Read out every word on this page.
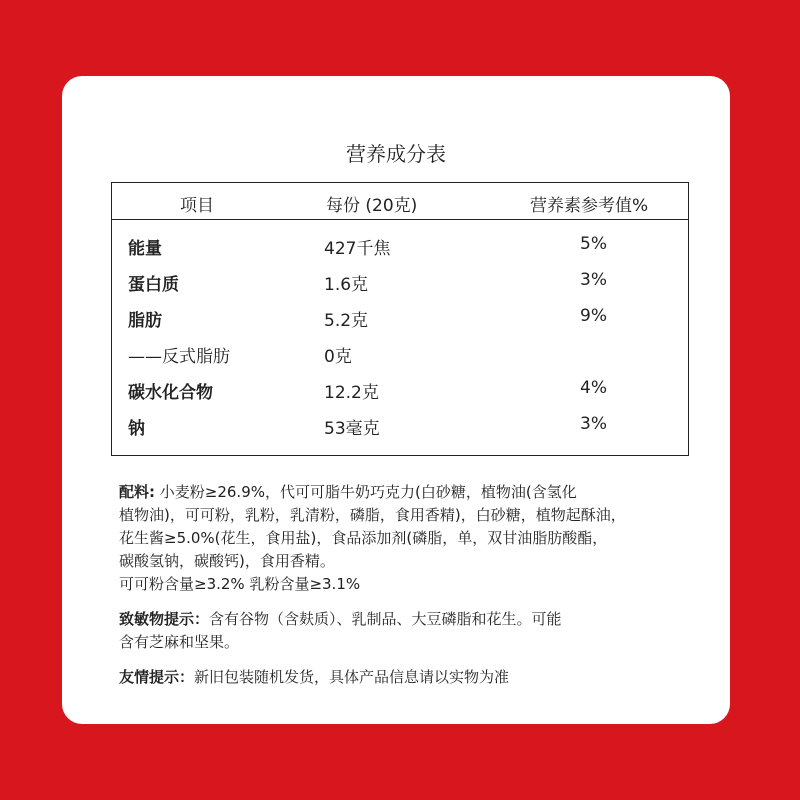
营养成分表
项目	每份 (20克)	营养素参考值%
能量	427千焦	5%
蛋白质	1.6克	3%
脂肪	5.2克	9%
——反式脂肪	0克
碳水化合物	12.2克	4%
钠	53毫克	3%

配料: 小麦粉≥26.9%，代可可脂牛奶巧克力(白砂糖，植物油(含氢化

植物油)，可可粉，乳粉，乳清粉，磷脂，食用香精)，白砂糖，植物起酥油，

花生酱≥5.0%(花生，食用盐)，食品添加剂(磷脂，单，双甘油脂肪酸酯，

碳酸氢钠，碳酸钙)，食用香精。

可可粉含量≥3.2% 乳粉含量≥3.1%

致敏物提示：含有谷物（含麸质）、乳制品、大豆磷脂和花生。可能

含有芝麻和坚果。

友情提示：新旧包装随机发货，具体产品信息请以实物为准
